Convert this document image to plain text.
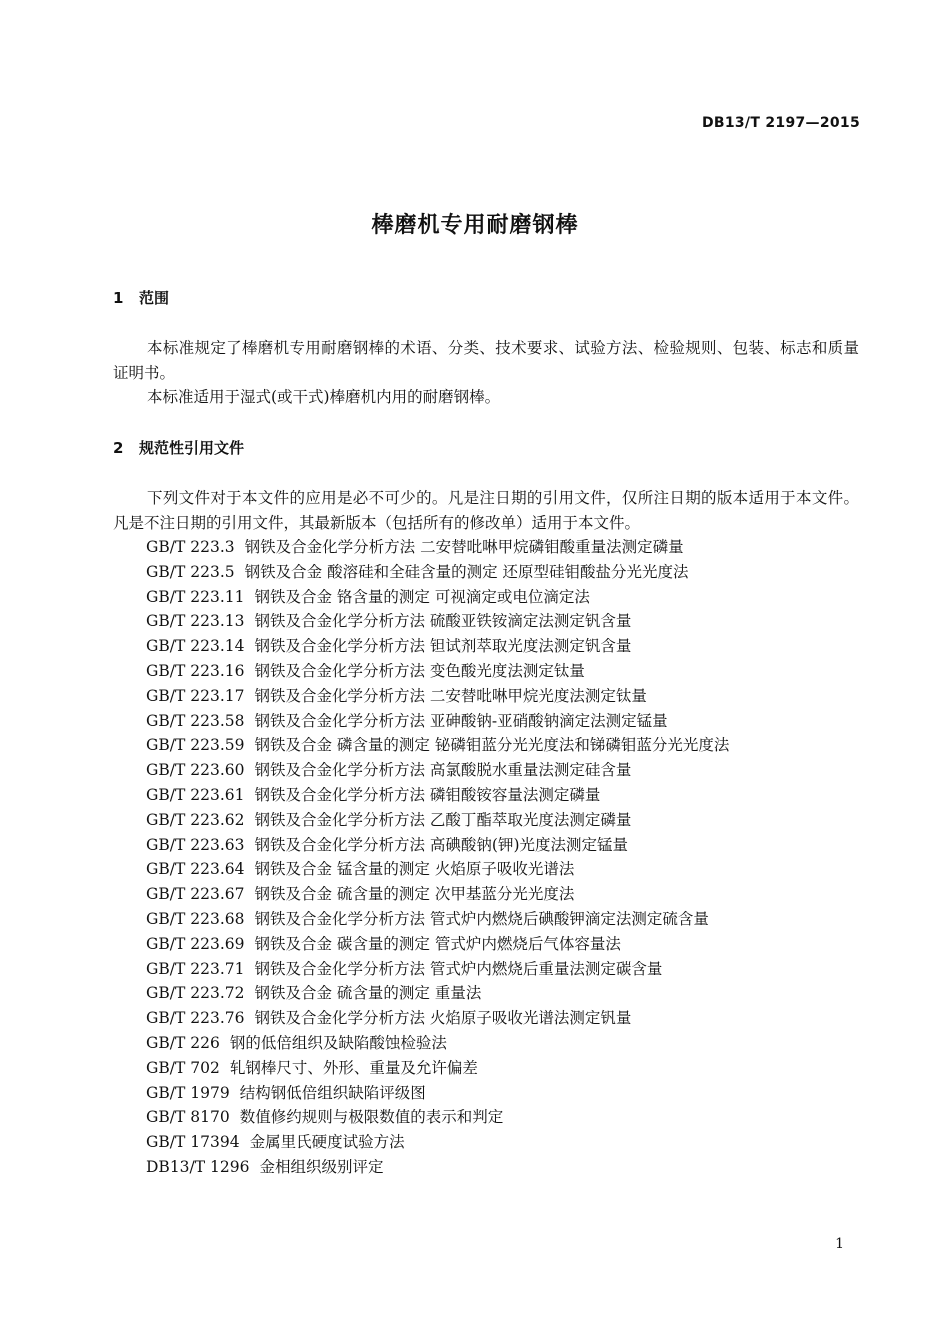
DB13/T 2197—2015
棒磨机专用耐磨钢棒
1 范围
本标准规定了棒磨机专用耐磨钢棒的术语、分类、技术要求、试验方法、检验规则、包装、标志和质量证明书。
本标准适用于湿式(或干式)棒磨机内用的耐磨钢棒。
2 规范性引用文件
下列文件对于本文件的应用是必不可少的。凡是注日期的引用文件，仅所注日期的版本适用于本文件。凡是不注日期的引用文件，其最新版本（包括所有的修改单）适用于本文件。
GB/T 223.3 钢铁及合金化学分析方法 二安替吡啉甲烷磷钼酸重量法测定磷量
GB/T 223.5 钢铁及合金 酸溶硅和全硅含量的测定 还原型硅钼酸盐分光光度法
GB/T 223.11 钢铁及合金 铬含量的测定 可视滴定或电位滴定法
GB/T 223.13 钢铁及合金化学分析方法 硫酸亚铁铵滴定法测定钒含量
GB/T 223.14 钢铁及合金化学分析方法 钽试剂萃取光度法测定钒含量
GB/T 223.16 钢铁及合金化学分析方法 变色酸光度法测定钛量
GB/T 223.17 钢铁及合金化学分析方法 二安替吡啉甲烷光度法测定钛量
GB/T 223.58 钢铁及合金化学分析方法 亚砷酸钠-亚硝酸钠滴定法测定锰量
GB/T 223.59 钢铁及合金 磷含量的测定 铋磷钼蓝分光光度法和锑磷钼蓝分光光度法
GB/T 223.60 钢铁及合金化学分析方法 高氯酸脱水重量法测定硅含量
GB/T 223.61 钢铁及合金化学分析方法 磷钼酸铵容量法测定磷量
GB/T 223.62 钢铁及合金化学分析方法 乙酸丁酯萃取光度法测定磷量
GB/T 223.63 钢铁及合金化学分析方法 高碘酸钠(钾)光度法测定锰量
GB/T 223.64 钢铁及合金 锰含量的测定 火焰原子吸收光谱法
GB/T 223.67 钢铁及合金 硫含量的测定 次甲基蓝分光光度法
GB/T 223.68 钢铁及合金化学分析方法 管式炉内燃烧后碘酸钾滴定法测定硫含量
GB/T 223.69 钢铁及合金 碳含量的测定 管式炉内燃烧后气体容量法
GB/T 223.71 钢铁及合金化学分析方法 管式炉内燃烧后重量法测定碳含量
GB/T 223.72 钢铁及合金 硫含量的测定 重量法
GB/T 223.76 钢铁及合金化学分析方法 火焰原子吸收光谱法测定钒量
GB/T 226 钢的低倍组织及缺陷酸蚀检验法
GB/T 702 轧钢棒尺寸、外形、重量及允许偏差
GB/T 1979 结构钢低倍组织缺陷评级图
GB/T 8170 数值修约规则与极限数值的表示和判定
GB/T 17394 金属里氏硬度试验方法
DB13/T 1296 金相组织级别评定
1
